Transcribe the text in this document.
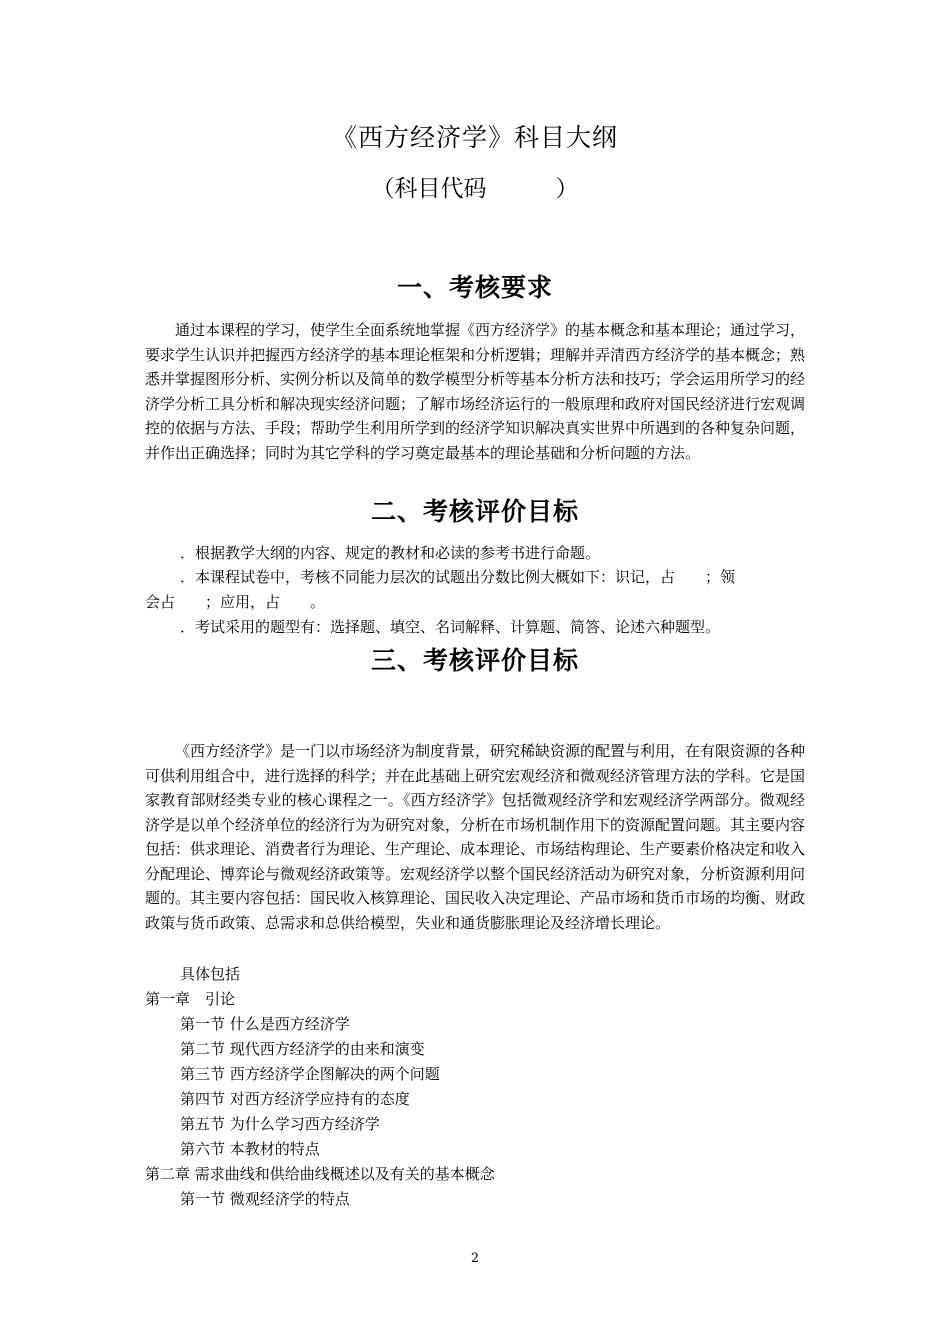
《西方经济学》科目大纲
（科目代码　　　）
一、考核要求
通过本课程的学习，使学生全面系统地掌握《西方经济学》的基本概念和基本理论；通过学习，要求学生认识并把握西方经济学的基本理论框架和分析逻辑；理解并弄清西方经济学的基本概念；熟悉并掌握图形分析、实例分析以及简单的数学模型分析等基本分析方法和技巧；学会运用所学习的经济学分析工具分析和解决现实经济问题；了解市场经济运行的一般原理和政府对国民经济进行宏观调控的依据与方法、手段；帮助学生利用所学到的经济学知识解决真实世界中所遇到的各种复杂问题，并作出正确选择；同时为其它学科的学习奠定最基本的理论基础和分析问题的方法。
二、考核评价目标
．根据教学大纲的内容、规定的教材和必读的参考书进行命题。
．本课程试卷中，考核不同能力层次的试题出分数比例大概如下：识记，占　　；领
会占　　；应用，占　　。
．考试采用的题型有：选择题、填空、名词解释、计算题、简答、论述六种题型。
三、考核评价目标
《西方经济学》是一门以市场经济为制度背景，研究稀缺资源的配置与利用，在有限资源的各种可供利用组合中，进行选择的科学；并在此基础上研究宏观经济和微观经济管理方法的学科。它是国家教育部财经类专业的核心课程之一。《西方经济学》包括微观经济学和宏观经济学两部分。微观经济学是以单个经济单位的经济行为为研究对象，分析在市场机制作用下的资源配置问题。其主要内容包括：供求理论、消费者行为理论、生产理论、成本理论、市场结构理论、生产要素价格决定和收入分配理论、博弈论与微观经济政策等。宏观经济学以整个国民经济活动为研究对象，分析资源利用问题的。其主要内容包括：国民收入核算理论、国民收入决定理论、产品市场和货币市场的均衡、财政政策与货币政策、总需求和总供给模型，失业和通货膨胀理论及经济增长理论。
具体包括
第一章　引论
第一节 什么是西方经济学
第二节 现代西方经济学的由来和演变
第三节 西方经济学企图解决的两个问题
第四节 对西方经济学应持有的态度
第五节 为什么学习西方经济学
第六节 本教材的特点
第二章 需求曲线和供给曲线概述以及有关的基本概念
第一节 微观经济学的特点
2
